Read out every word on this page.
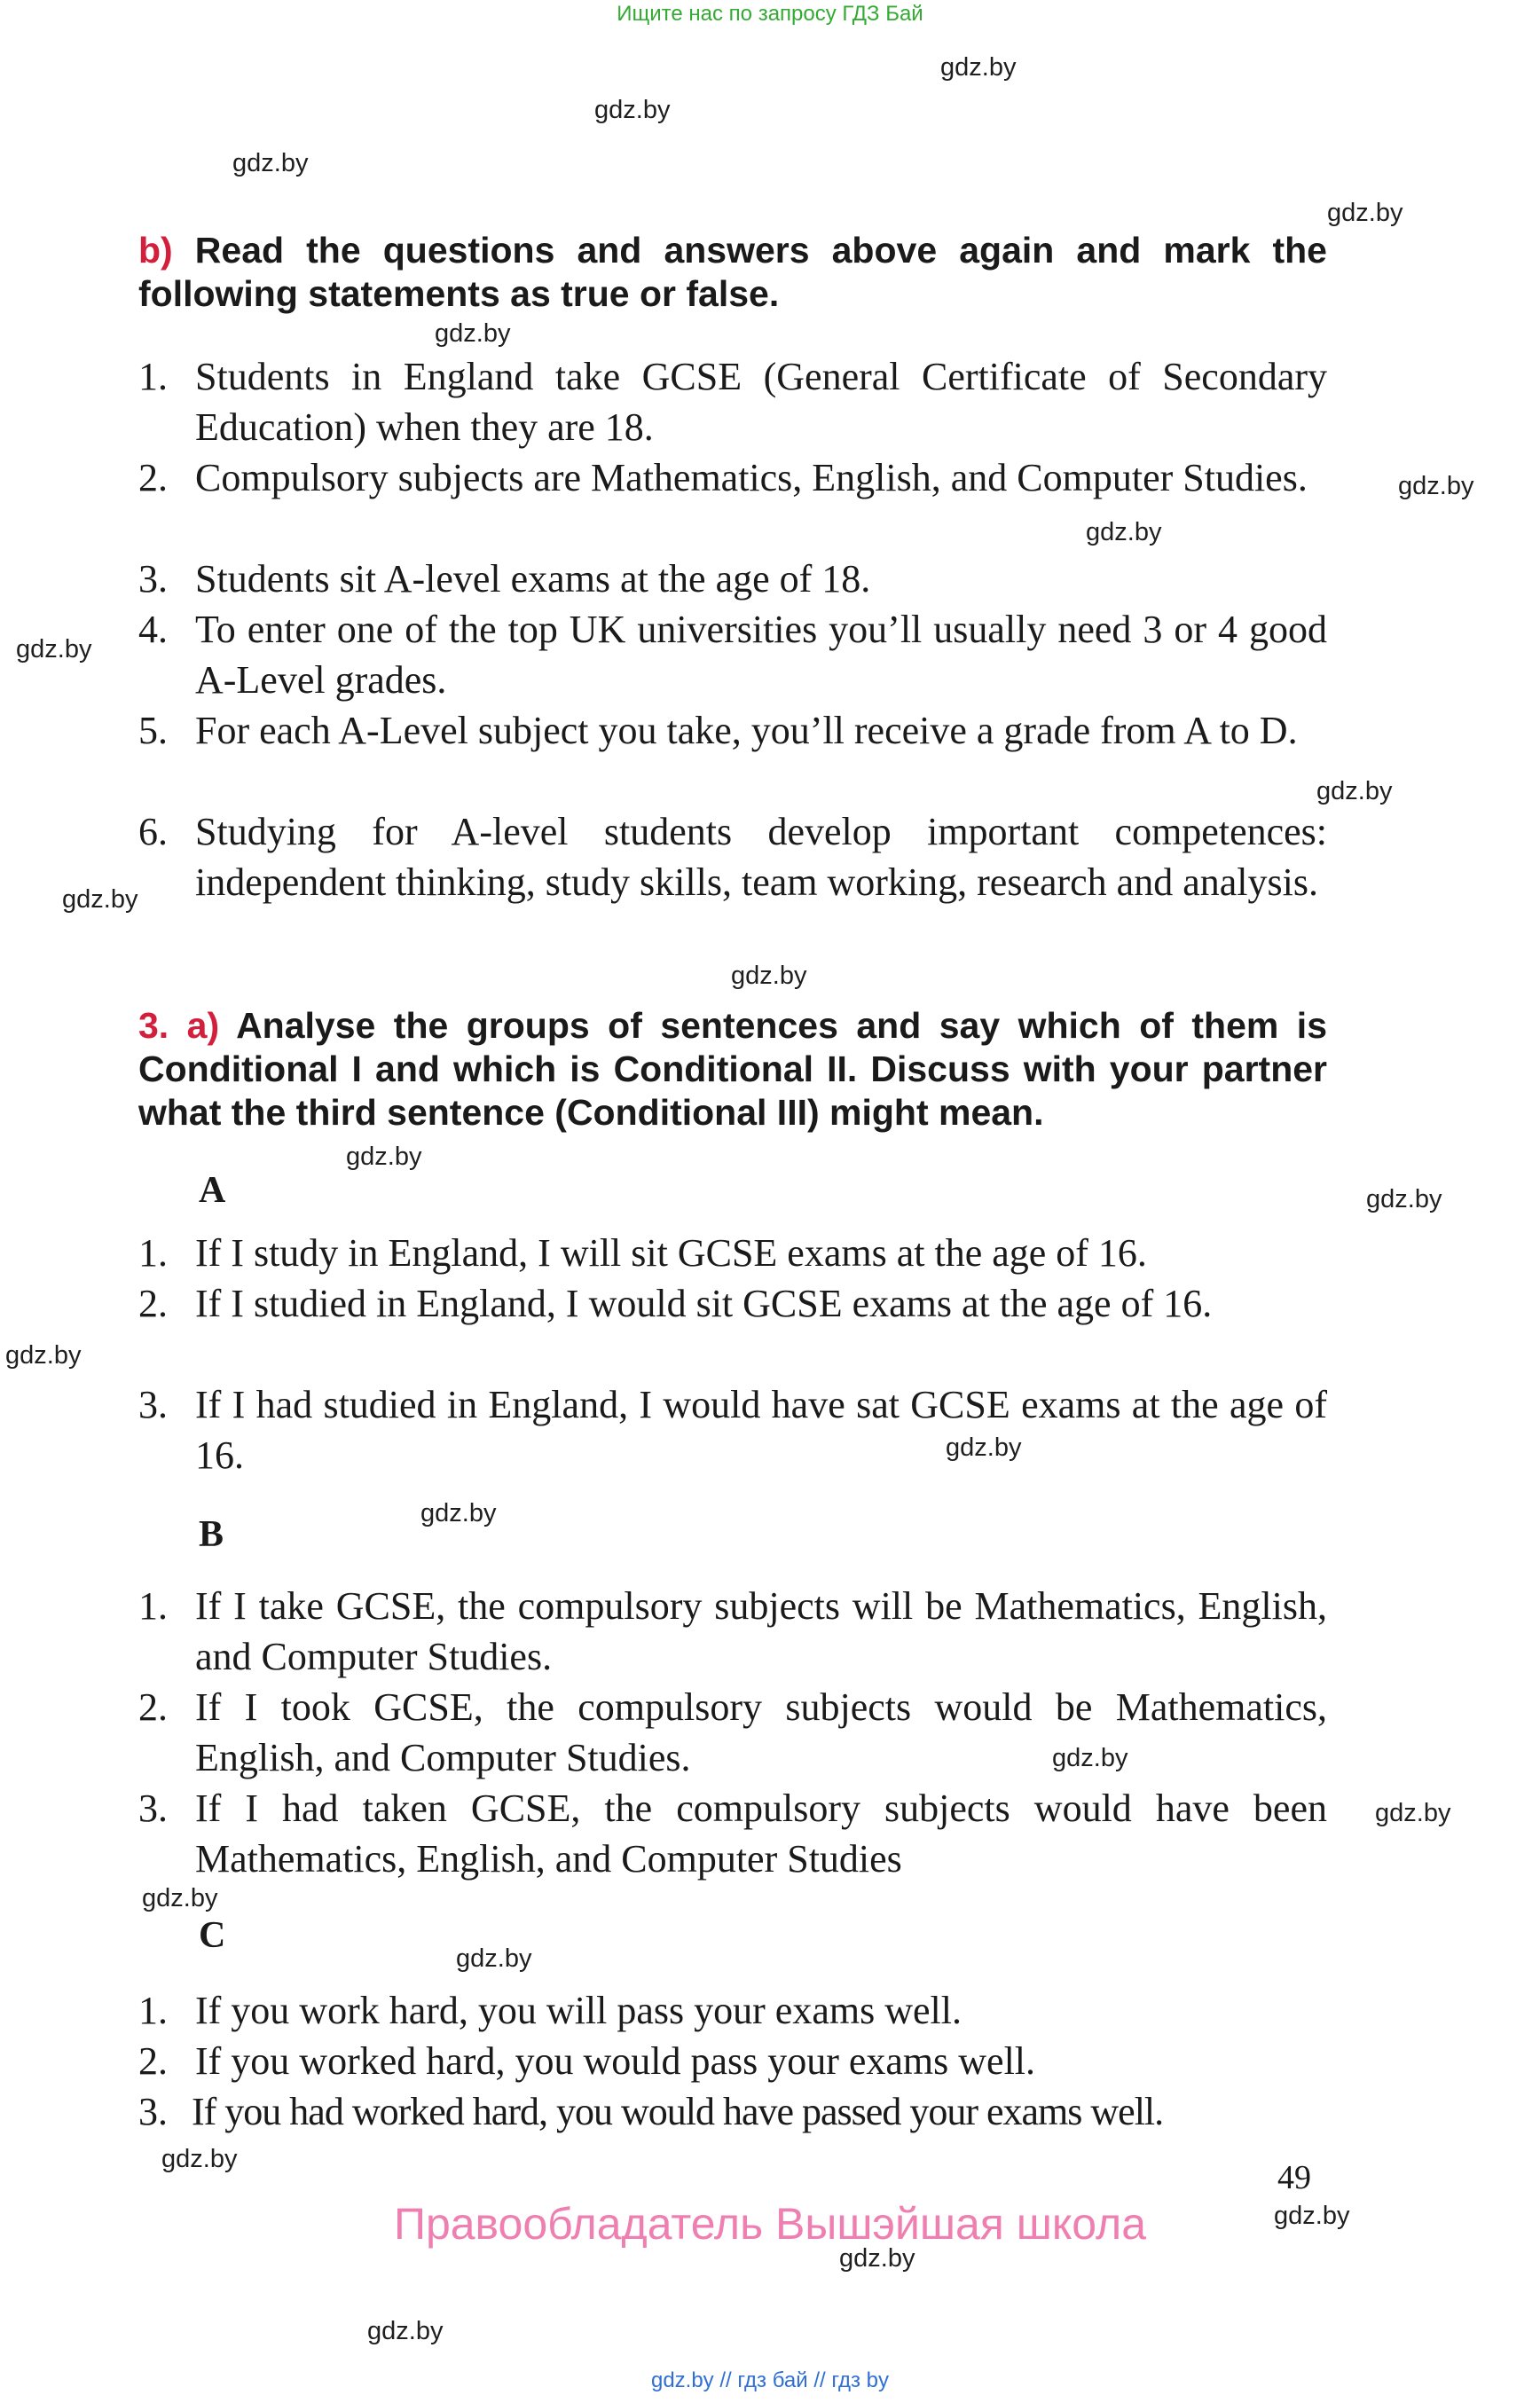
Ищите нас по запросу ГДЗ Бай
gdz.by
gdz.by
gdz.by
gdz.by
gdz.by
gdz.by
gdz.by
gdz.by
gdz.by
gdz.by
gdz.by
gdz.by
gdz.by
gdz.by
gdz.by
gdz.by
gdz.by
gdz.by
gdz.by
gdz.by
gdz.by
gdz.by
gdz.by
gdz.by
b) Read the questions and answers above again and mark the following statements as true or false.
1. Students in England take GCSE (General Certificate of Secondary Education) when they are 18.
2. Compulsory subjects are Mathematics, English, and Computer Studies.
3. Students sit A-level exams at the age of 18.
4. To enter one of the top UK universities you’ll usually need 3 or 4 good A-Level grades.
5. For each A-Level subject you take, you’ll receive a grade from A to D.
6. Studying for A-level students develop important competences: independent thinking, study skills, team working, research and analysis.
3. a) Analyse the groups of sentences and say which of them is Conditional I and which is Conditional II. Discuss with your partner what the third sentence (Conditional III) might mean.
A
1. If I study in England, I will sit GCSE exams at the age of 16.
2. If I studied in England, I would sit GCSE exams at the age of 16.
3. If I had studied in England, I would have sat GCSE exams at the age of 16.
B
1. If I take GCSE, the compulsory subjects will be Mathematics, English, and Computer Studies.
2. If I took GCSE, the compulsory subjects would be Mathematics, English, and Computer Studies.
3. If I had taken GCSE, the compulsory subjects would have been Mathematics, English, and Computer Studies
C
1. If you work hard, you will pass your exams well.
2. If you worked hard, you would pass your exams well.
3. If you had worked hard, you would have passed your exams well.
49
Правообладатель Вышэйшая школа
gdz.by // гдз бай // гдз by
